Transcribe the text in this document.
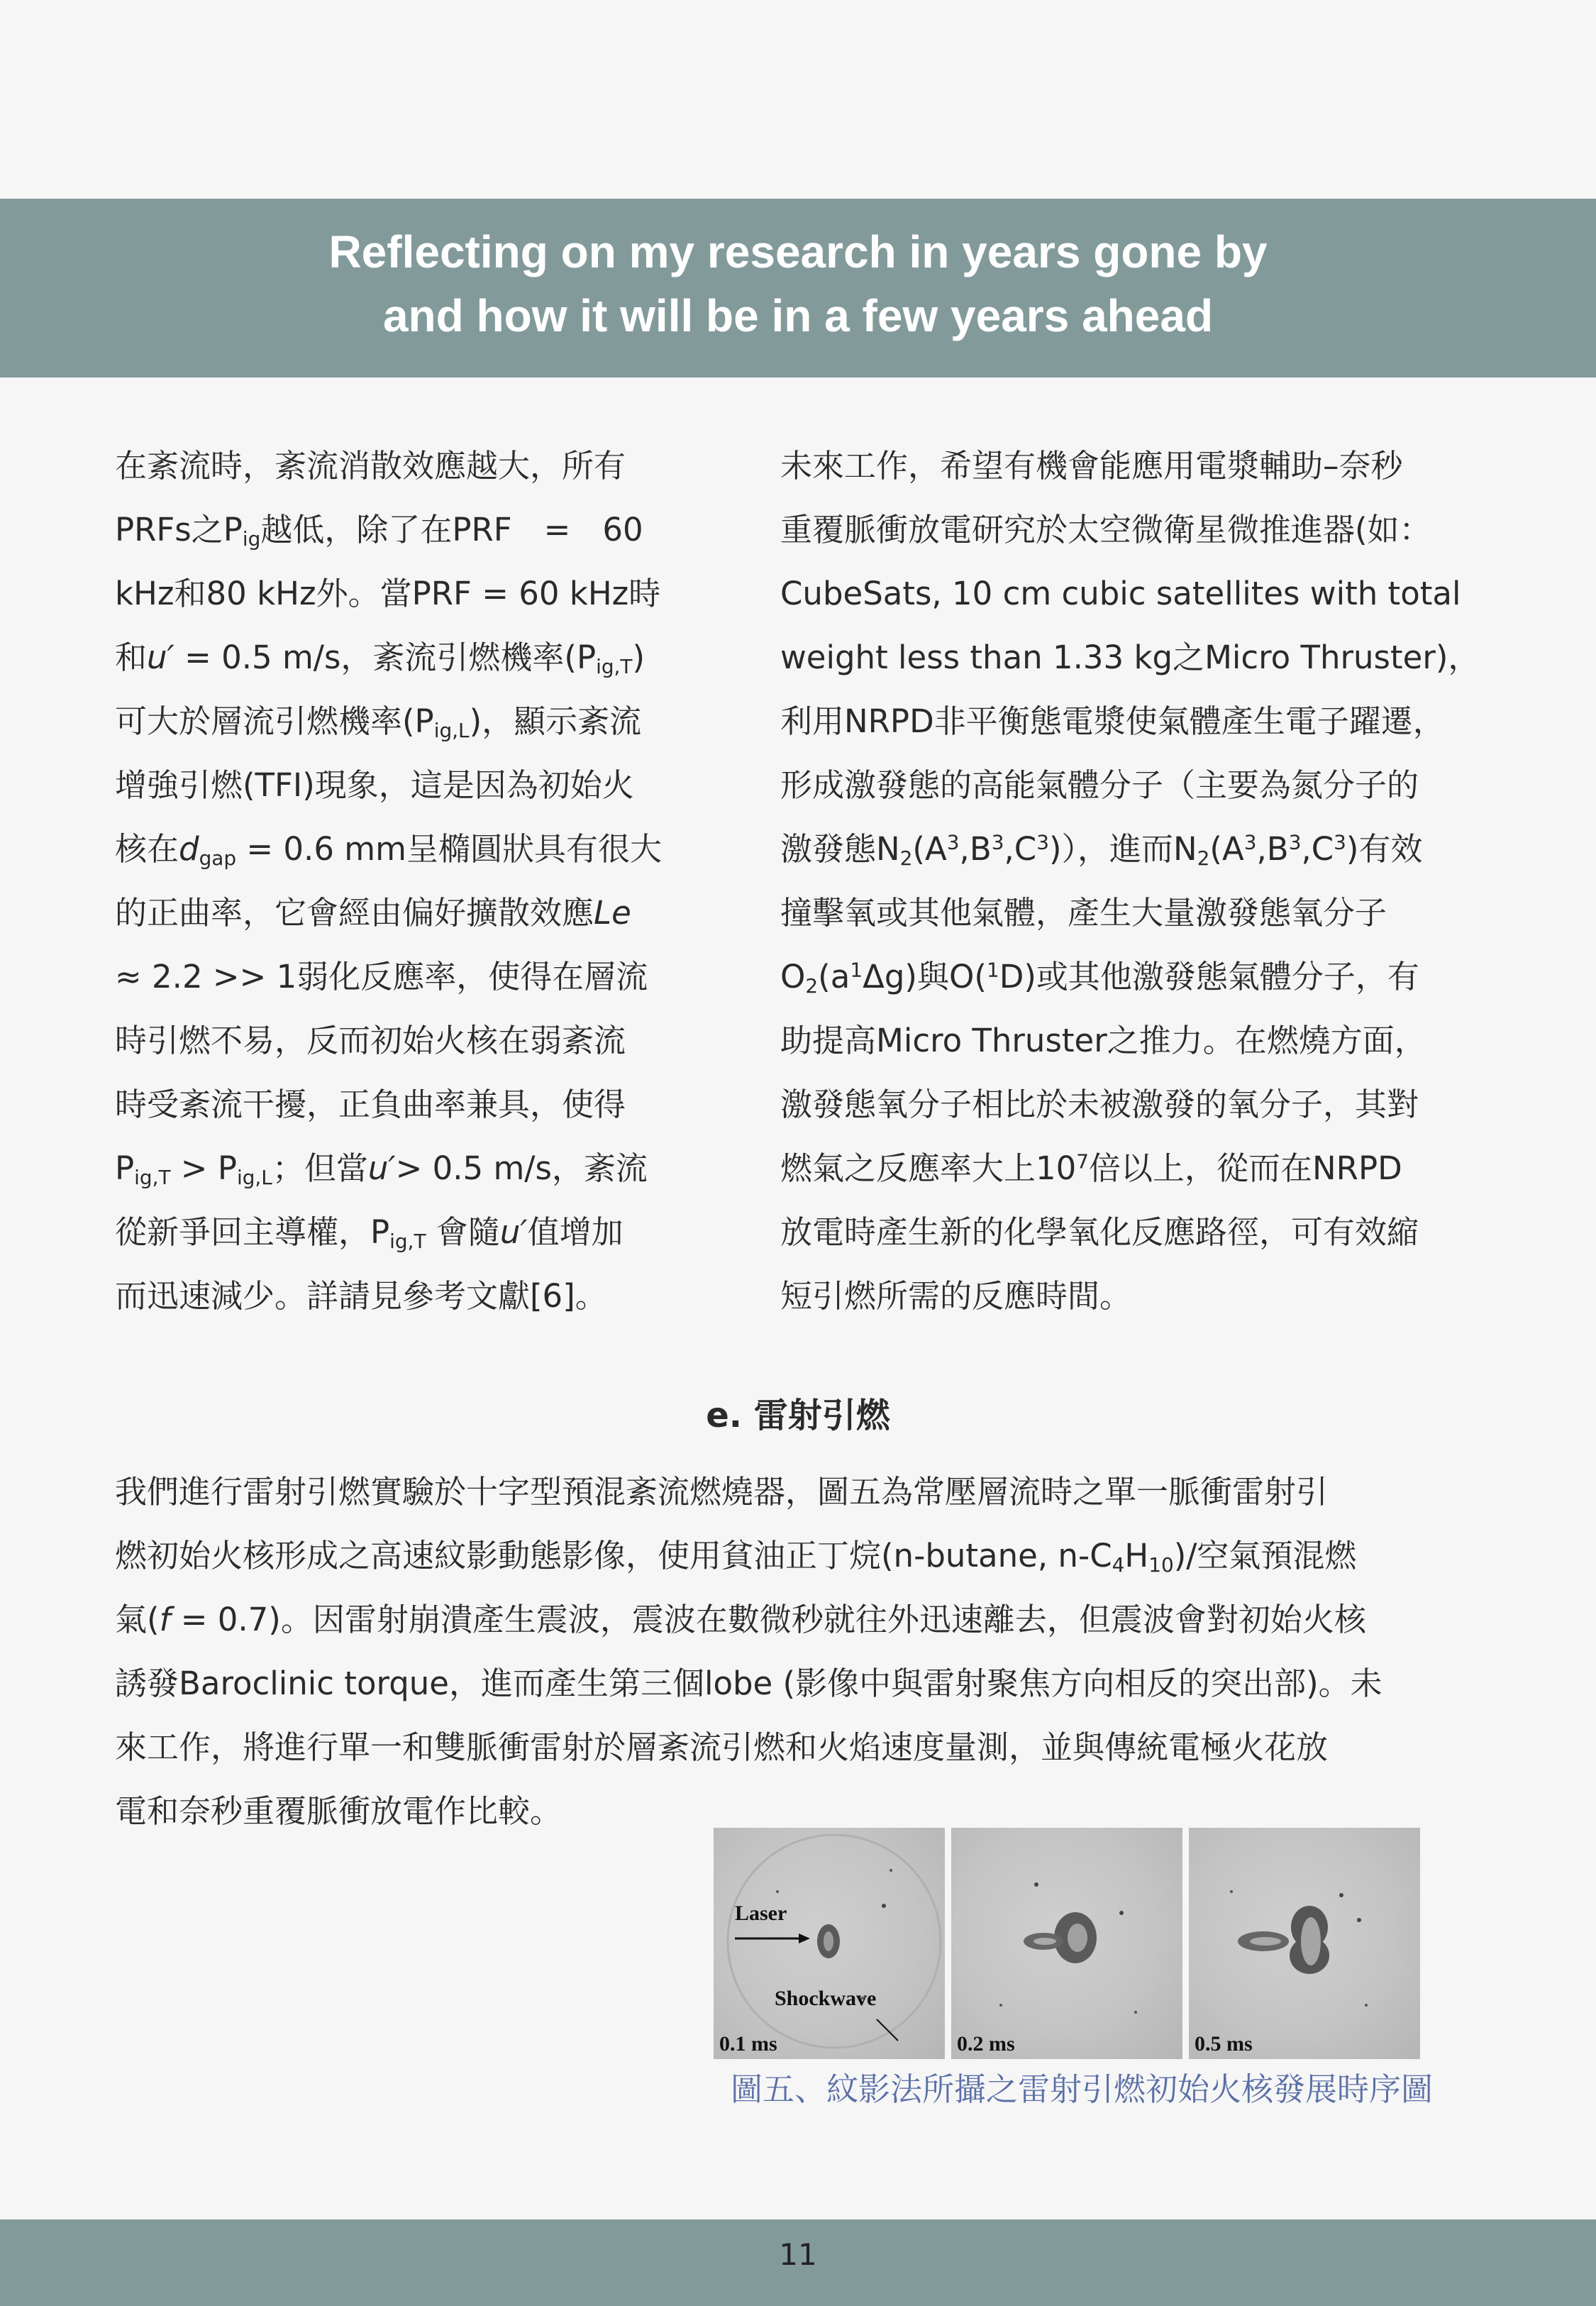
Reflecting on my research in years gone by
and how it will be in a few years ahead
在紊流時，紊流消散效應越大，所有
PRFs之$P_{ig}$越低，除了在PRF　=　60
kHz和80 kHz外。當PRF = 60 kHz時
和u′ = 0.5 m/s，紊流引燃機率$(P_{ig,T})$
可大於層流引燃機率$(P_{ig,L})$，顯示紊流
增強引燃(TFI)現象，這是因為初始火
核在$d_{gap} = 0.6$ mm呈橢圓狀具有很大
的正曲率，它會經由偏好擴散效應Le
≈ 2.2 >> 1弱化反應率，使得在層流
時引燃不易，反而初始火核在弱紊流
時受紊流干擾，正負曲率兼具，使得
$P_{ig,T} > P_{ig,L}$；但當u′> 0.5 m/s，紊流
從新爭回主導權，$P_{ig,T}$ 會隨u′值增加
而迅速減少。詳請見參考文獻[6]。
未來工作，希望有機會能應用電漿輔助–奈秒
重覆脈衝放電研究於太空微衛星微推進器(如：
CubeSats, 10 cm cubic satellites with total
weight less than 1.33 kg之Micro Thruster)，
利用NRPD非平衡態電漿使氣體產生電子躍遷，
形成激發態的高能氣體分子（主要為氮分子的
激發態$N_2(A^3,B^3,C^3)$），進而$N_2(A^3,B^3,C^3)$有效
撞擊氧或其他氣體，產生大量激發態氧分子
$O_2(a^1\Delta g)$與O($^1$D)或其他激發態氣體分子，有
助提高Micro Thruster之推力。在燃燒方面，
激發態氧分子相比於未被激發的氧分子，其對
燃氣之反應率大上$10^7$倍以上，從而在NRPD
放電時產生新的化學氧化反應路徑，可有效縮
短引燃所需的反應時間。
e. 雷射引燃
我們進行雷射引燃實驗於十字型預混紊流燃燒器，圖五為常壓層流時之單一脈衝雷射引
燃初始火核形成之高速紋影動態影像，使用貧油正丁烷(n-butane, $n-C_4H_{10})/$空氣預混燃
氣(f = 0.7)。因雷射崩潰產生震波，震波在數微秒就往外迅速離去，但震波會對初始火核
誘發Baroclinic torque，進而產生第三個lobe (影像中與雷射聚焦方向相反的突出部)。未
來工作，將進行單一和雙脈衝雷射於層紊流引燃和火焰速度量測，並與傳統電極火花放
電和奈秒重覆脈衝放電作比較。
Laser
Shockwave
0.1 ms	0.2 ms	0.5 ms
圖五、紋影法所攝之雷射引燃初始火核發展時序圖
11
